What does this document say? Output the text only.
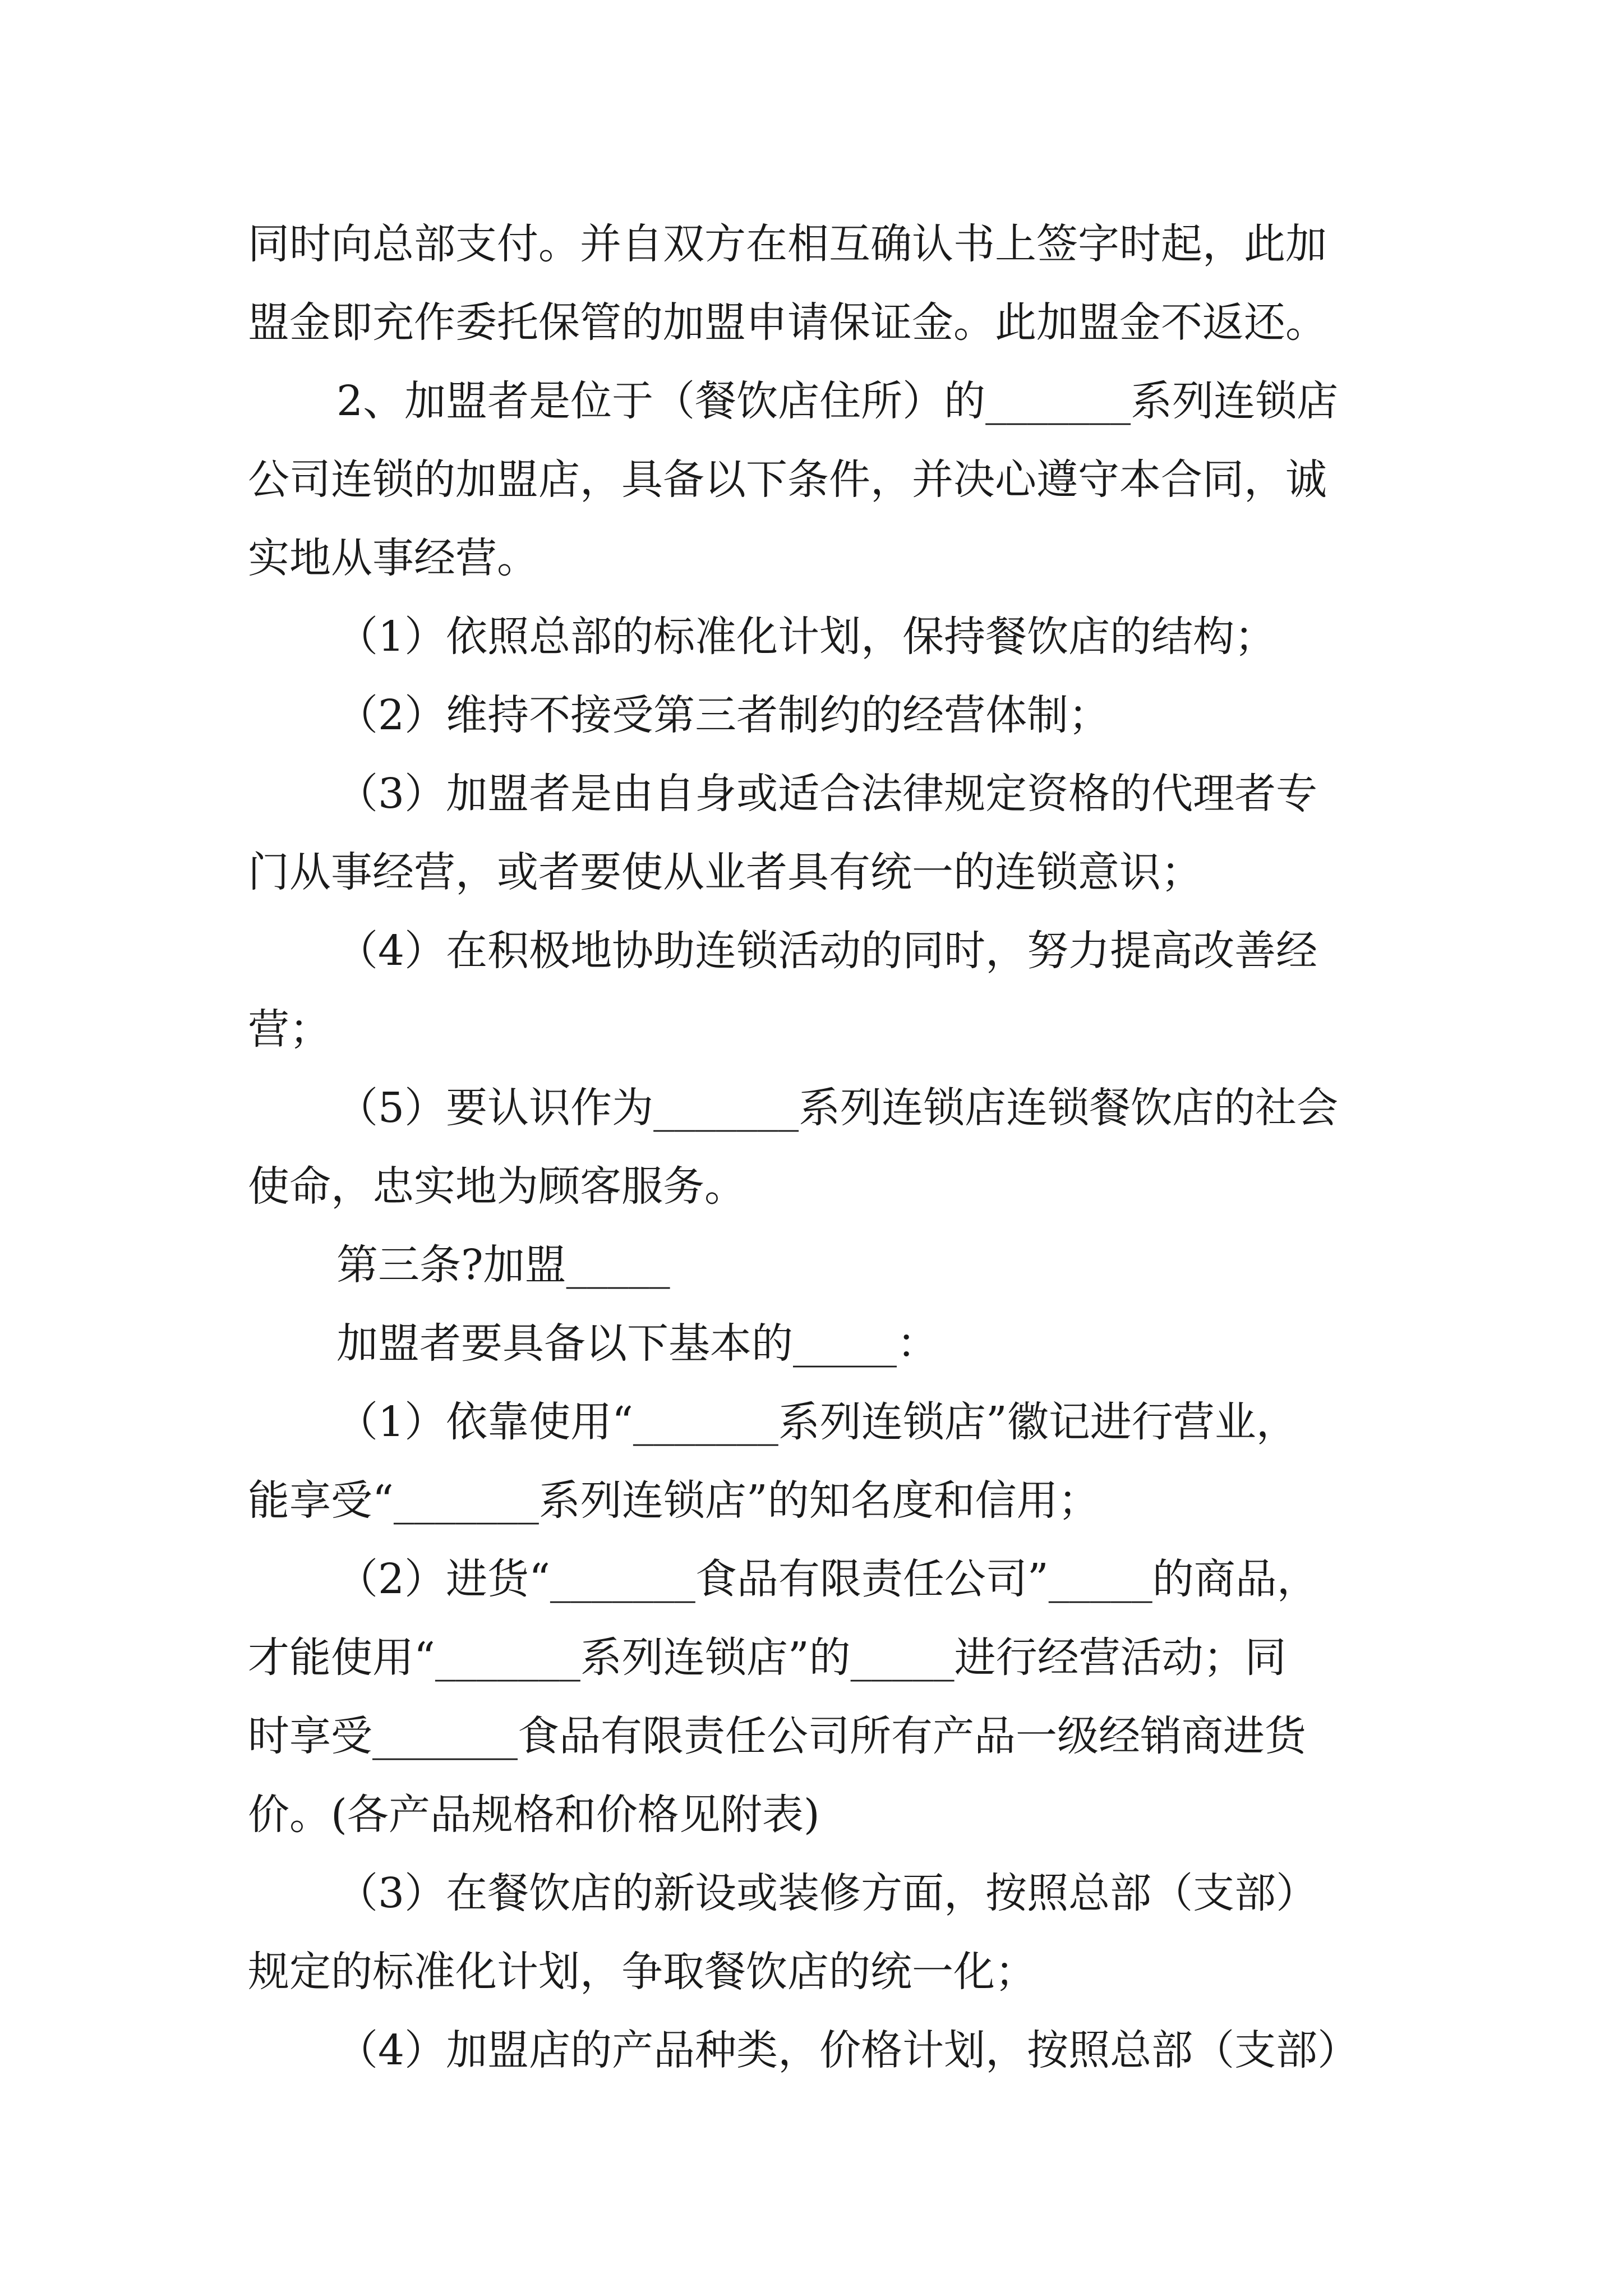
同时向总部支付。并自双方在相互确认书上签字时起，此加
盟金即充作委托保管的加盟申请保证金。此加盟金不返还。
2、加盟者是位于（餐饮店住所）的_______系列连锁店
公司连锁的加盟店，具备以下条件，并决心遵守本合同，诚
实地从事经营。
（1）依照总部的标准化计划，保持餐饮店的结构；
（2）维持不接受第三者制约的经营体制；
（3）加盟者是由自身或适合法律规定资格的代理者专
门从事经营，或者要使从业者具有统一的连锁意识；
（4）在积极地协助连锁活动的同时，努力提高改善经
营；
（5）要认识作为_______系列连锁店连锁餐饮店的社会
使命，忠实地为顾客服务。
第三条?加盟_____
加盟者要具备以下基本的_____：
（1）依靠使用“_______系列连锁店”徽记进行营业，
能享受“_______系列连锁店”的知名度和信用；
（2）进货“_______食品有限责任公司”_____的商品，
才能使用“_______系列连锁店”的_____进行经营活动；同
时享受_______食品有限责任公司所有产品一级经销商进货
价。(各产品规格和价格见附表)
（3）在餐饮店的新设或装修方面，按照总部（支部）
规定的标准化计划，争取餐饮店的统一化；
（4）加盟店的产品种类，价格计划，按照总部（支部）
